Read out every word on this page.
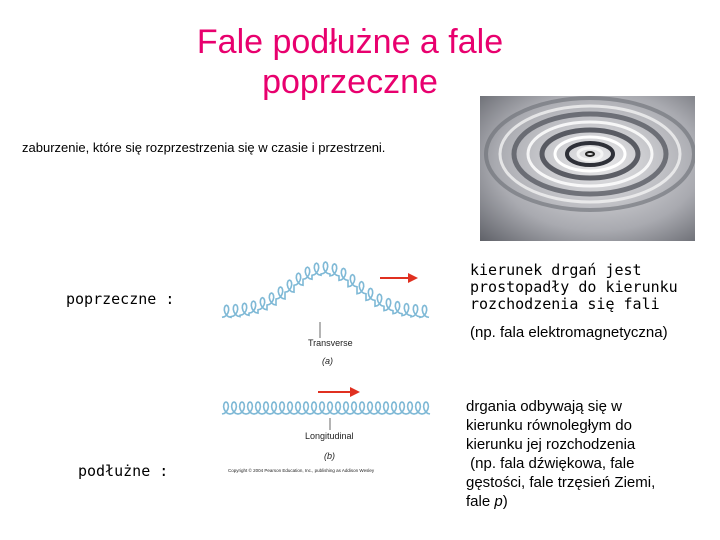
Fale podłużne a fale
poprzeczne
zaburzenie, które się rozprzestrzenia się w czasie i przestrzeni.
poprzeczne :
Transverse
(a)
kierunek drgań jest
prostopadły do kierunku
rozchodzenia się fali
(np. fala elektromagnetyczna)
Longitudinal
(b)
Copyright © 2004 Pearson Education, Inc., publishing as Addison Wesley
podłużne :
drgania odbywają się w
kierunku równoległym do
kierunku jej rozchodzenia
(np. fala dźwiękowa, fale
gęstości, fale trzęsień Ziemi,
fale p)
